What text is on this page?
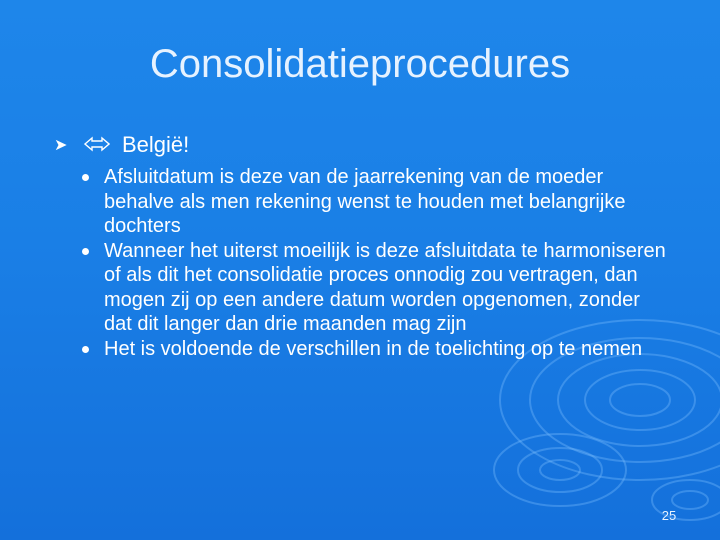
Consolidatieprocedures
➤	België!
Afsluitdatum is deze van de jaarrekening van de moeder behalve als men rekening wenst te houden met belangrijke dochters
Wanneer het uiterst moeilijk is deze afsluitdata te harmoniseren of als dit het consolidatie proces onnodig zou vertragen, dan mogen zij op een andere datum worden opgenomen, zonder dat dit langer dan drie maanden mag zijn
Het is voldoende de verschillen in de toelichting op te nemen
25
